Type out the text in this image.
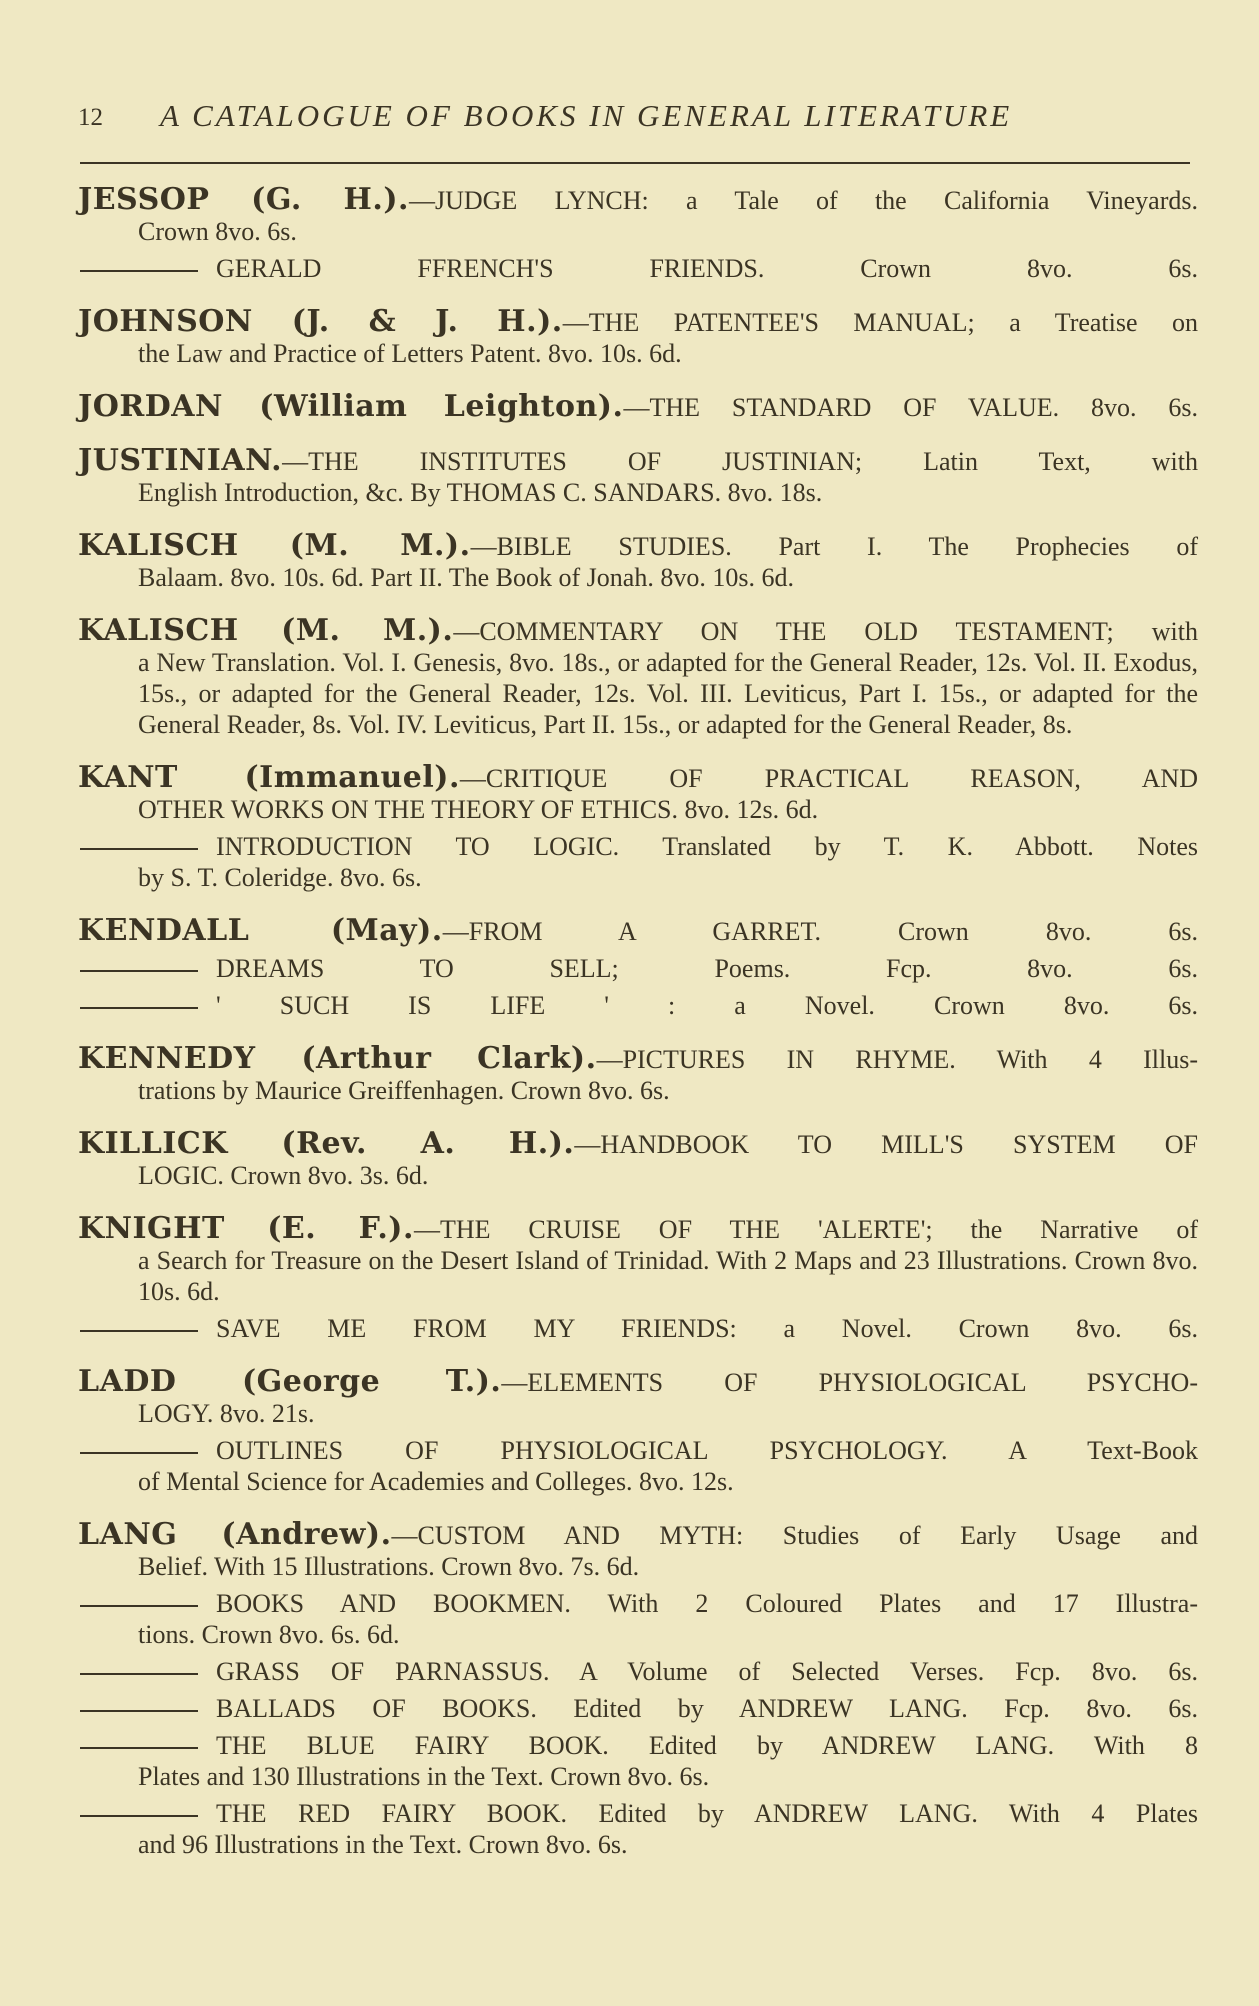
12 A CATALOGUE OF BOOKS IN GENERAL LITERATURE
JESSOP (G. H.).—JUDGE LYNCH: a Tale of the California Vineyards.
Crown 8vo. 6s.
GERALD FFRENCH'S FRIENDS. Crown 8vo. 6s.
JOHNSON (J. & J. H.).—THE PATENTEE'S MANUAL; a Treatise on
the Law and Practice of Letters Patent. 8vo. 10s. 6d.
JORDAN (William Leighton).—THE STANDARD OF VALUE. 8vo. 6s.
JUSTINIAN.—THE INSTITUTES OF JUSTINIAN; Latin Text, with
English Introduction, &c. By THOMAS C. SANDARS. 8vo. 18s.
KALISCH (M. M.).—BIBLE STUDIES. Part I. The Prophecies of
Balaam. 8vo. 10s. 6d. Part II. The Book of Jonah. 8vo. 10s. 6d.
KALISCH (M. M.).—COMMENTARY ON THE OLD TESTAMENT; with
a New Translation. Vol. I. Genesis, 8vo. 18s., or adapted for the General Reader, 12s. Vol. II. Exodus, 15s., or adapted for the General Reader, 12s. Vol. III. Leviticus, Part I. 15s., or adapted for the General Reader, 8s. Vol. IV. Leviticus, Part II. 15s., or adapted for the General Reader, 8s.
KANT (Immanuel).—CRITIQUE OF PRACTICAL REASON, AND
OTHER WORKS ON THE THEORY OF ETHICS. 8vo. 12s. 6d.
INTRODUCTION TO LOGIC. Translated by T. K. Abbott. Notes
by S. T. Coleridge. 8vo. 6s.
KENDALL (May).—FROM A GARRET. Crown 8vo. 6s.
DREAMS TO SELL; Poems. Fcp. 8vo. 6s.
' SUCH IS LIFE ' : a Novel. Crown 8vo. 6s.
KENNEDY (Arthur Clark).—PICTURES IN RHYME. With 4 Illus-
trations by Maurice Greiffenhagen. Crown 8vo. 6s.
KILLICK (Rev. A. H.).—HANDBOOK TO MILL'S SYSTEM OF
LOGIC. Crown 8vo. 3s. 6d.
KNIGHT (E. F.).—THE CRUISE OF THE 'ALERTE'; the Narrative of
a Search for Treasure on the Desert Island of Trinidad. With 2 Maps and 23 Illustrations. Crown 8vo. 10s. 6d.
SAVE ME FROM MY FRIENDS: a Novel. Crown 8vo. 6s.
LADD (George T.).—ELEMENTS OF PHYSIOLOGICAL PSYCHO-
LOGY. 8vo. 21s.
OUTLINES OF PHYSIOLOGICAL PSYCHOLOGY. A Text-Book
of Mental Science for Academies and Colleges. 8vo. 12s.
LANG (Andrew).—CUSTOM AND MYTH: Studies of Early Usage and
Belief. With 15 Illustrations. Crown 8vo. 7s. 6d.
BOOKS AND BOOKMEN. With 2 Coloured Plates and 17 Illustra-
tions. Crown 8vo. 6s. 6d.
GRASS OF PARNASSUS. A Volume of Selected Verses. Fcp. 8vo. 6s.
BALLADS OF BOOKS. Edited by ANDREW LANG. Fcp. 8vo. 6s.
THE BLUE FAIRY BOOK. Edited by ANDREW LANG. With 8
Plates and 130 Illustrations in the Text. Crown 8vo. 6s.
THE RED FAIRY BOOK. Edited by ANDREW LANG. With 4 Plates
and 96 Illustrations in the Text. Crown 8vo. 6s.
